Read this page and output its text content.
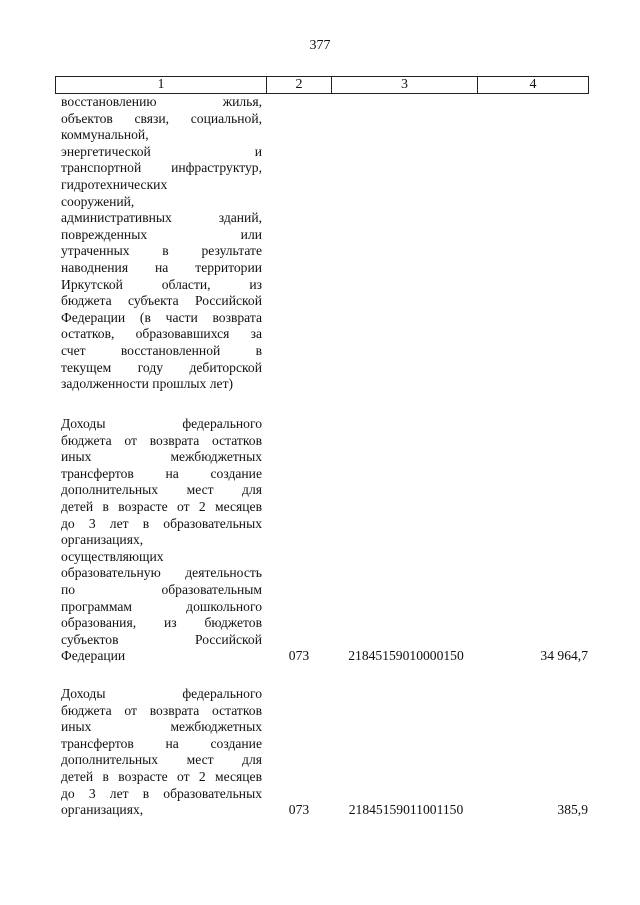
377
1	2	3	4
восстановлению жилья,
объектов связи, социальной,
коммунальной,
энергетической и
транспортной инфраструктур,
гидротехнических
сооружений,
административных зданий,
поврежденных или
утраченных в результате
наводнения на территории
Иркутской области, из
бюджета субъекта Российской
Федерации (в части возврата
остатков, образовавшихся за
счет восстановленной в
текущем году дебиторской
задолженности прошлых лет)
Доходы федерального
бюджета от возврата остатков
иных межбюджетных
трансфертов на создание
дополнительных мест для
детей в возрасте от 2 месяцев
до 3 лет в образовательных
организациях,
осуществляющих
образовательную деятельность
по образовательным
программам дошкольного
образования, из бюджетов
субъектов Российской
Федерации	073	21845159010000150	34 964,7
Доходы федерального
бюджета от возврата остатков
иных межбюджетных
трансфертов на создание
дополнительных мест для
детей в возрасте от 2 месяцев
до 3 лет в образовательных
организациях,	073	21845159011001150	385,9
